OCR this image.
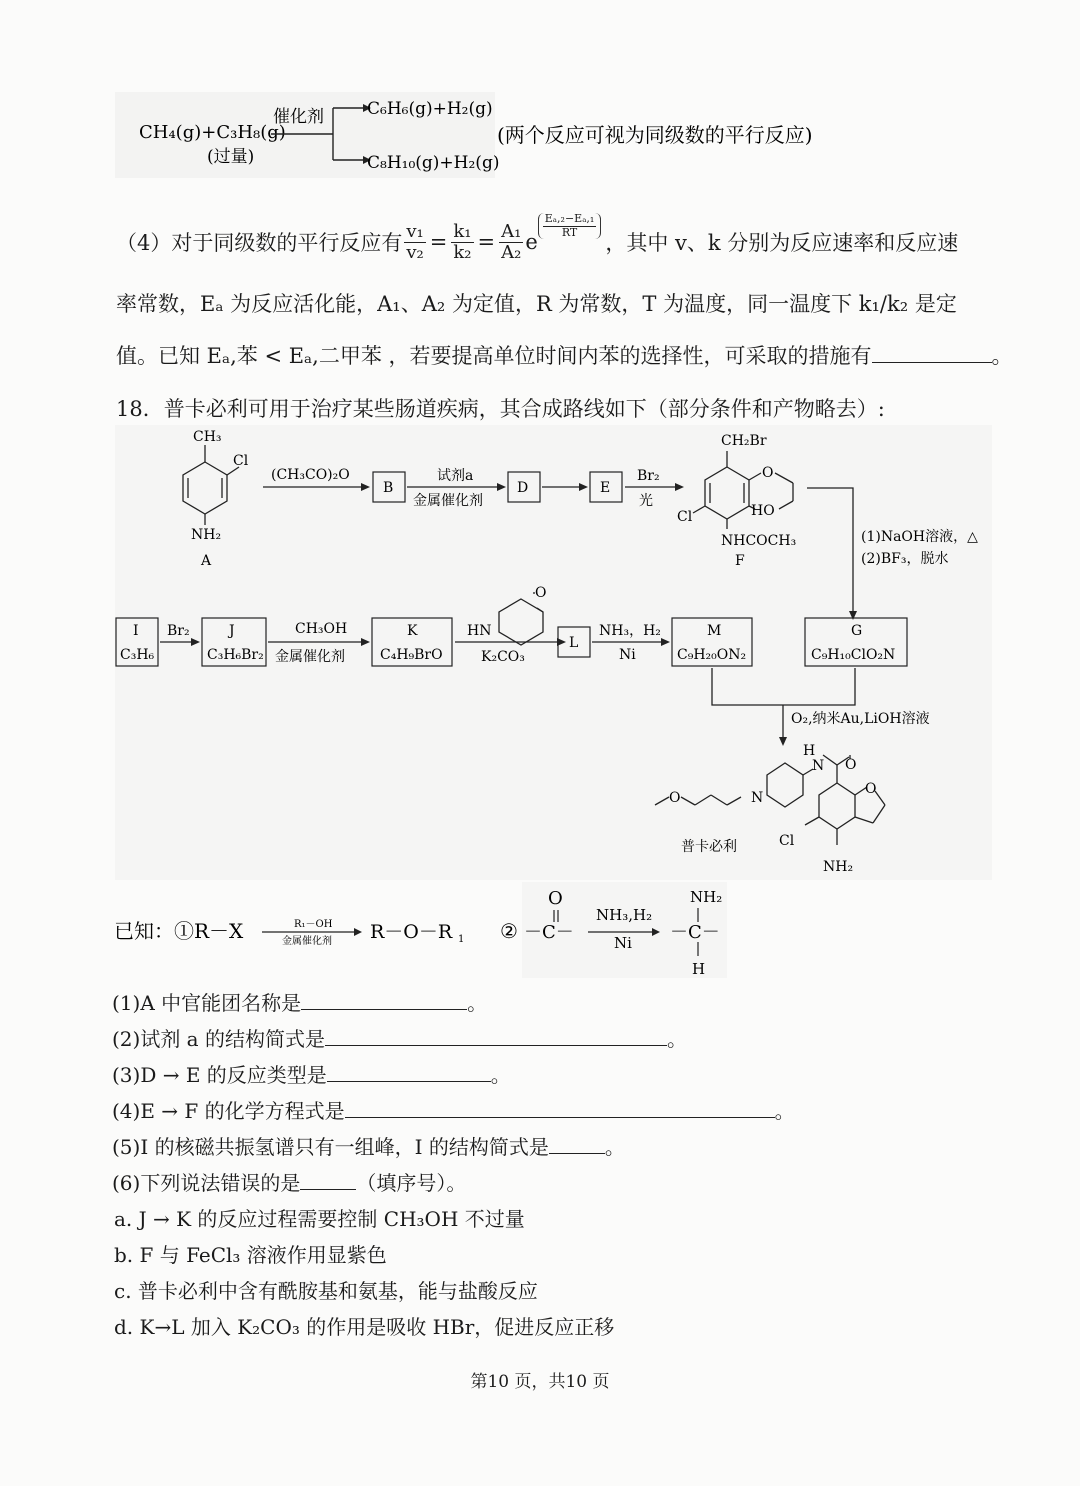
CH₄(g)+C₃H₈(g)
(过量)
催化剂	C₆H₆(g)+H₂(g)
C₈H₁₀(g)+H₂(g)
(两个反应可视为同级数的平行反应)
（4）对于同级数的平行反应有 $\frac{\text{v₁}}{\text{v₂}} = \frac{\text{k₁}}{\text{k₂}} = \frac{\text{A₁}}{\text{A₂}}$ e
$\frac{\text{Eₐ,₂−Eₐ,₁}}{RT}$
，其中 v、k 分别为反应速率和反应速
率常数，Eₐ 为反应活化能，A₁、A₂ 为定值，R 为常数，T 为温度，同一温度下 k₁/k₂ 是定
值。已知 Eₐ,苯 < Eₐ,二甲苯 ，若要提高单位时间内苯的选择性，可采取的措施有	。
18．普卡必利可用于治疗某些肠道疾病，其合成路线如下（部分条件和产物略去）:
CH₃
Cl
NH₂
A
(CH₃CO)₂O
B
试剂a
金属催化剂
D	E
Br₂
光
CH₂Br
O
HO
Cl
NHCOCH₃
F
(1)NaOH溶液，△
(2)BF₃，脱水
I
C₃H₆
Br₂	J
C₃H₆Br₂
CH₃OH
金属催化剂
K
C₄H₉BrO
HN
O
K₂CO₃
L
NH₃，H₂
Ni
M
C₉H₂₀ON₂
G
C₉H₁₀ClO₂N
O₂,纳米Au,LiOH溶液
O	N
H
N O
O
Cl
NH₂
普卡必利
已知：①R－X	R₁－OH
金属催化剂 R－O－R 1 ②
O
－C－
NH₃,H₂
Ni
NH₂
－C－
H
(1)A 中官能团名称是	。
(2)试剂 a 的结构简式是	。
(3)D → E 的反应类型是	。
(4)E → F 的化学方程式是	。
(5)I 的核磁共振氢谱只有一组峰，I 的结构简式是	。
(6)下列说法错误的是	（填序号）。
a. J → K 的反应过程需要控制 CH₃OH 不过量
b. F 与 FeCl₃ 溶液作用显紫色
c. 普卡必利中含有酰胺基和氨基，能与盐酸反应
d. K→L 加入 K₂CO₃ 的作用是吸收 HBr，促进反应正移
第10 页，共10 页
